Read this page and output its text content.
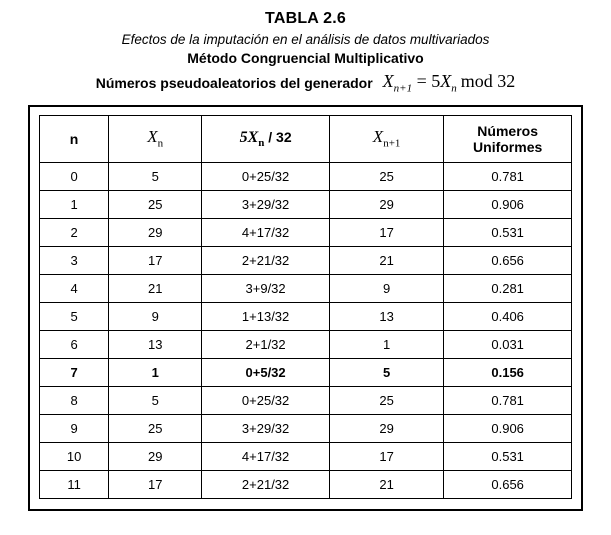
TABLA 2.6
Efectos de la imputación en el análisis de datos multivariados
Método Congruencial Multiplicativo
Números pseudoaleatorios del generador $X_{n+1} = 5X_n$ mod 32
n	$X_n$	$5X_n / 32$	$X_{n+1}$	Números
Uniformes

0	5	0+25/32	25	0.781
1	25	3+29/32	29	0.906
2	29	4+17/32	17	0.531
3	17	2+21/32	21	0.656
4	21	3+9/32	9	0.281
5	9	1+13/32	13	0.406
6	13	2+1/32	1	0.031
7	1	0+5/32	5	0.156
8	5	0+25/32	25	0.781
9	25	3+29/32	29	0.906
10	29	4+17/32	17	0.531
11	17	2+21/32	21	0.656
